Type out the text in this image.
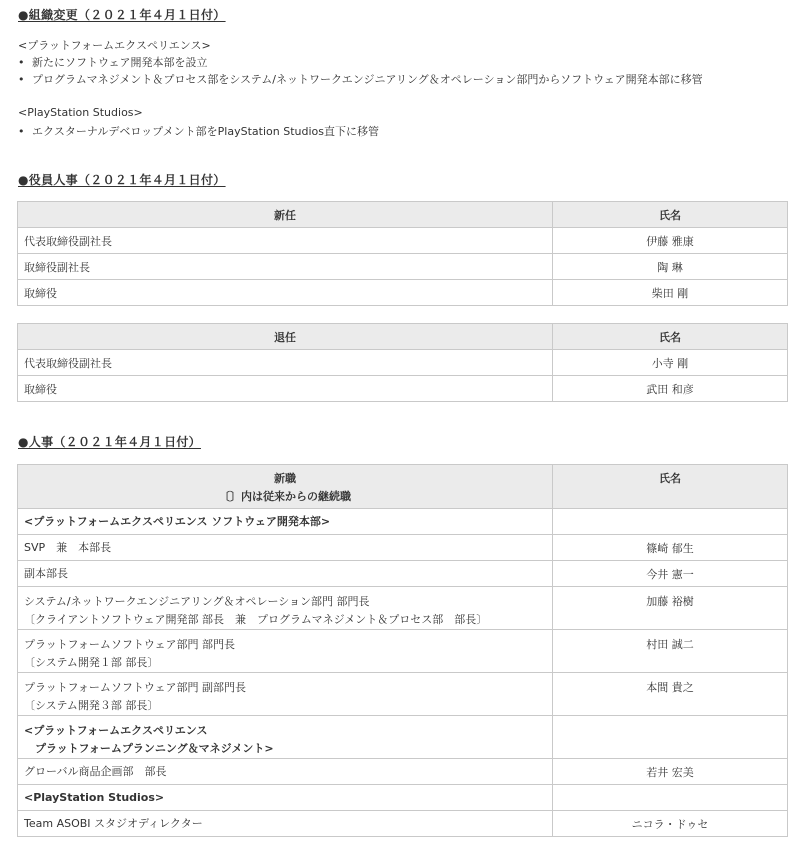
●組織変更（２０２１年４月１日付）
<プラットフォームエクスペリエンス>
• 新たにソフトウェア開発本部を設立
• プログラムマネジメント＆プロセス部をシステム/ネットワークエンジニアリング＆オペレーション部門からソフトウェア開発本部に移管
<PlayStation Studios>
• エクスターナルデベロップメント部をPlayStation Studios直下に移管
●役員人事（２０２１年４月１日付）
新任	氏名
代表取締役副社長	伊藤 雅康
取締役副社長	陶 琳
取締役	柴田 剛
退任	氏名
代表取締役副社長	小寺 剛
取締役	武田 和彦
●人事（２０２１年４月１日付）
新職
〔〕内は従来からの継続職	氏名

<プラットフォームエクスペリエンス ソフトウェア開発本部>	

SVP　兼　本部長	篠崎 郁生

副本部長	今井 憲一

システム/ネットワークエンジニアリング＆オペレーション部門 部門長
〔クライアントソフトウェア開発部 部長　兼　プログラムマネジメント＆プロセス部　部長〕	加藤 裕樹

プラットフォームソフトウェア部門 部門長
〔システム開発１部 部長〕	村田 誠二

プラットフォームソフトウェア部門 副部門長
〔システム開発３部 部長〕	本間 貴之

<プラットフォームエクスペリエンス
　プラットフォームプランニング＆マネジメント>	

グローバル商品企画部　部長	若井 宏美

<PlayStation Studios>	

Team ASOBI スタジオディレクター	ニコラ・ドゥセ
